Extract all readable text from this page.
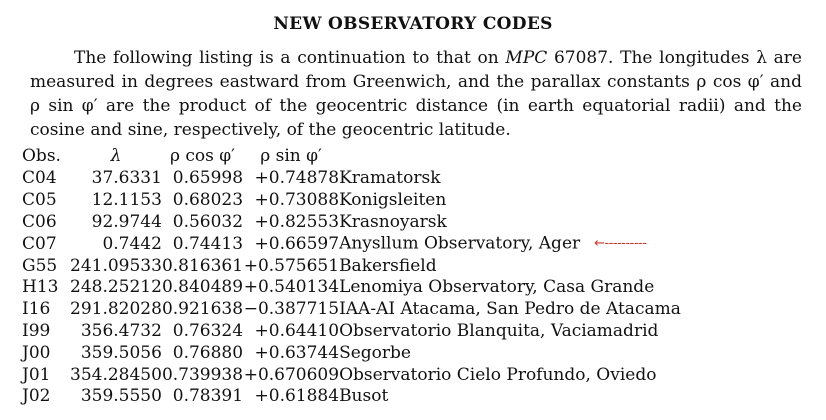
NEW OBSERVATORY CODES
The following listing is a continuation to that on MPC 67087. The longitudes λ are measured in degrees eastward from Greenwich, and the parallax constants ρ cos φ′ and ρ sin φ′ are the product of the geocentric distance (in earth equatorial radii) and the cosine and sine, respectively, of the geocentric latitude.
Obs.	λ	ρ cos φ′	ρ sin φ′	
C04	37.6331	0.65998	+0.74878	Kramatorsk
C05	12.1153	0.68023	+0.73088	Konigsleiten
C06	92.9744	0.56032	+0.82553	Krasnoyarsk
C07	0.7442	0.74413	+0.66597	Anysllum Observatory, Ager ←----------
G55	241.09533	0.816361	+0.575651	Bakersfield
H13	248.25212	0.840489	+0.540134	Lenomiya Observatory, Casa Grande
I16	291.82028	0.921638	−0.387715	IAA-AI Atacama, San Pedro de Atacama
I99	356.4732	0.76324	+0.64410	Observatorio Blanquita, Vaciamadrid
J00	359.5056	0.76880	+0.63744	Segorbe
J01	354.28450	0.739938	+0.670609	Observatorio Cielo Profundo, Oviedo
J02	359.5550	0.78391	+0.61884	Busot
